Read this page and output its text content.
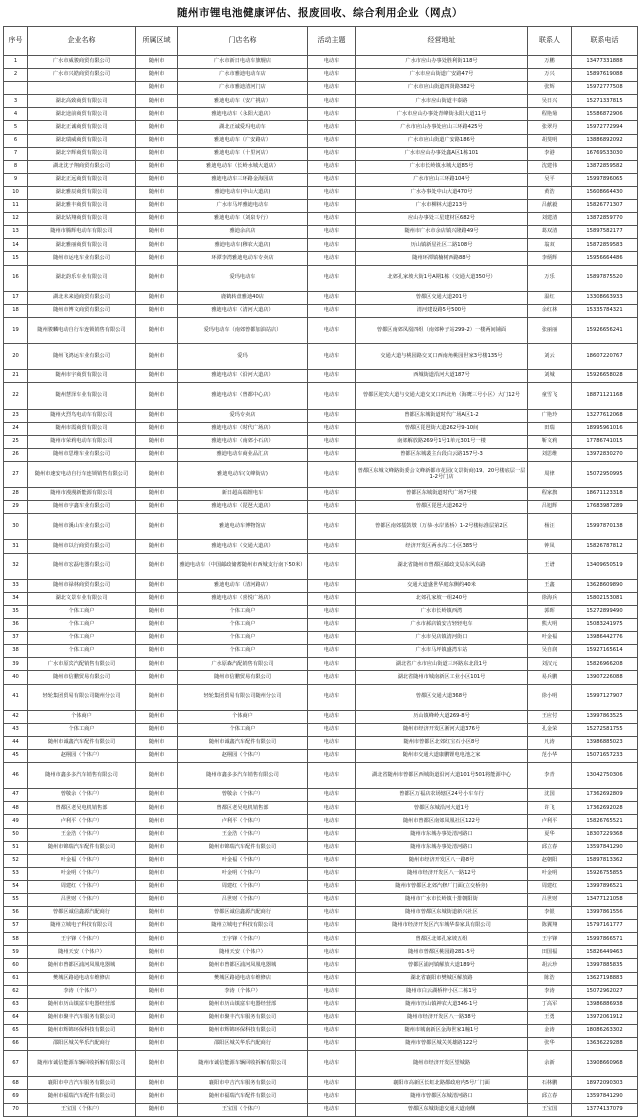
随州市锂电池健康评估、报废回收、综合利用企业（网点）
序号	企业名称	所属区域	门店名称	活动主题	经营地址	联系人	联系电话
1	广水市威骏商贸有限公司	随州市	广水市新日电动车旗舰店	电动车	广水市应山办事处胜利街118号	万鹏	13477331888
2	广水市兴皓商贸有限公司	随州市	广水市雅迪电动车店	电动车	广水市应山街道广安路47号	万兴	15897619088
		随州市	广水市雅迪清河门店	电动车	广水市应山街道四贤路382号	张辉	15972777508
3	湖北高致商贸有限公司	随州市	雅迪电动车（安广挑店）	电动车	广水市应山街道丰泰路	吴日兴	15271337815
4	湖北途前商贸有限公司	随州市	雅迪电动车（永阳大道店）	电动车	广水市应山办事处青峰街永阳大道11号	程艳菊	15586872906
5	湖北正诚商贸有限公司	随州市	湖北正诚爱玛电动车	电动车	广水市应山办事处应山三环路425号	张翠丹	15972772994
6	湖北瑞威商贸有限公司	随州市	雅迪电动车（广安路店）	电动车	广水市应山街道广安路186号	胡斐明	13886892092
7	湖北辛辉商贸有限公司	随州市	雅迪电动车（十里河店）	电动车	广水市应山办事处鑫A区1栋101	李港	16769533030
8	湖北沈子翔商贸有限公司	随州市	雅迪电动车（长岭水城大道店）	电动车	广水市长岭镇水城大道85号	沈建伟	13872859582
9	湖北正远商贸有限公司	随州市	雅迪电动车三环路金海园店	电动车	广水市应山三环路104号	吴平	15997896065
10	湖北雅辰商贸有限公司	随州市	雅迪电动车(中山大道店)	电动车	广水办事处中山大道470号	黄浩	15608664430
11	湖北雅丰商贸有限公司	随州市	广水市马坪雅迪电动车	电动车	广水市柳林大道213号	吕献毅	15826771307
12	湖北钻翔商贸有限公司	随州市	雅迪电动车（刘泉专行）	电动车	应山办事处三星建材区682号	刘建清	13872859770
13	随州市腾辉电动车有限公司	随州市	雅迪余店店	电动车	随州市广水市余店镇兴隆路49号	葛双清	15897582177
14	湖北雅丽商贸有限公司	随州市	雅迪电动车(穆农大道店)	电动车	历山镇新星社区二路108号	翁双	15872859583
15	随州市运电车业有限公司	随州市	环潭李湾雅迪电动车专卖店	电动车	随州环潭镇楠树西路88号	李炳辉	15956664486
16	湖北韵乐车业有限公司	随州市	爱玛电动车	电动车	北郊孔家坡大街1号A期1栋（交通大道350号）	万乐	15897875520
17	湖北未来通商贸有限公司	随州市	鹿鹤转盘雅迪40店	电动车	曾都区交通大道201号	温红	13308663933
18	随州市博文商贸有限公司	随州市	雅迪电动车（清河大道店）	电动车	清河建设路5号500号	余红林	15335784321
19	随州骏麟电动自行车连锁销售有限公司	随州市	爱玛电动车（南郊曾都加油站店）	电动车	曾都区南郊凤凰四组（南郊种子站299-2）一楼两间铺面	张丽丽	15926656241
20	随州飞鸿运车业有限公司	随州市	爱玛	电动车	交通大道与桃园路交叉口西南角桃园世家3号楼135号	刘云	18607220767
21	随州市宇商贸有限公司	随州市	雅迪电动车（沿河大道店）	电动车	西城街道沿河大道187号	刘城	15926658028
22	随州慧泽车业有限公司	随州市	雅迪电动车（曾都中心店）	电动车	曾都区迎宾大道与交通大道交叉口西北角（海鹰三号小区）大门12号	童雪飞	18871121168
23	随州火烈鸟电动车有限公司	随州市	爱玛专卖店	电动车	曾都区东城街道时代广场A区1-2	广艳玲	13277612068
24	随州市霞商贸有限公司	随州市	雅迪电动车（时代广场店）	电动车	曾都区琵琶街大道262号9-10间	田瑞	18995961016
25	随州市荣莉电动车有限公司	随州市	雅迪电动车（南郊小石店）	电动车	南郊解放路269号1号1单元301号一楼	靳文莉	17786741015
26	随州市思维车业有限公司	随州市	雅迪电动车商业品汇店	电动车	曾都区东城裴主台段白云路157号-3	刘思维	13972830270
27	随州市速安电动自行车连锁销售有限公司	随州市	雅迪电动车(文峰街店)	电动车	曾都区东城文峰路街委会文峰新都市花园(文景街商)19、20号楼底层一层1-2号门店	周律	15072950995
28	随州市漫漫新能源有限公司	随州市	新日超高端锂电车	电动车	曾都区东城街道时代广场7号楼	程家旗	18671123318
29	随州市宇鑫车业有限公司	随州市	雅迪电动车（琵琶大道店）	电动车	曾都区琵琶大道262号	吕旭辉	17683987289
30	随州市溪山车业有限公司	随州市	雅迪电动车博物馆店	电动车	曾都区南郊擂鼓墩（万恭·水岸蓝桥）1-2号楼标准层第2区	杨汪	15997870138
31	随州市以行商贸有限公司	随州市	雅迪电动车（交通大道店）	电动车	经济开发区两水沟二小区385号	钟凤	15826787812
32	随州市宏磊电器有限公司	随州市	雅迪电动车（中国邮政储蓄随州市西城支行南下50米）	电动车	湖北省随州市曾都区邮政支局东风东路	王谱	13409650519
33	随州市禄林商贸有限公司	随州市	雅迪电动车（清河路店）	电动车	交通大道盛世华庭东侧约40米	王鑫	13628609890
34	湖北文景车业有限公司	随州市	雅迪电动车（喜悦广场店）	电动车	北郊孔家坡一组240号	徐海兵	15802153081
35	个体工商户	随州市	个体工商户	电动车	广水市长岭镇西湾	郭晖	15272899490
36	个体工商户	随州市	个体工商户	电动车	广水市郝店镇安吉轻轻电车	熊大明	15083241975
37	个体工商户	随州市	个体工商户	电动车	广水市吴店镇清河街口	叶金福	13986442776
38	个体工商户	随州市	个体工商户	电动车	广水市马坪镇盛湾车站	吴自润	15927165614
39	广水市原宾汽配销售有限公司	随州市	广水原森汽配销售有限公司	电动车	湖北省广水市应山街道三环路东北段1号	刘汉元	15826966208
40	随州市信鹏贸易有限公司	随州市	随州市信鹏贸易有限公司	电动车	湖北省随州市城南新区工业小区101号	易兵鹏	13907226088
41	轻轮集团贸易有限公司随州分公司	随州市	轻轮集团贸易有限公司随州分公司	电动车	曾都区交通大道368号	徐小明	15997127907
42	个体商户	随州市	个体商户	电动车	历山镇峰岭大道269-8号	王应付	13997863525
43	个体工商户	随州市	个体工商户	电动车	随州市经济开发区淅河大道376号	孔金荣	15272581755
44	随州市诚鑫汽车配件有限公司	随州市	随州市诚鑫汽车配件有限公司	电动车	随州市曾都区北郊红宝石小区8号	凡涛	13986885023
45	赵栩园（个体户）	随州市	赵栩园（个体户）	电动车	随州市交通大道康鹏锂电电池之家	范小华	15071657233
46	随州市鑫多多汽车销售有限公司	随州市	随州市鑫多多汽车销售有限公司	电动车	湖北省随州市曾都区西城街道沿河大道101号501将能源中心	李青	13042750306
47	曾敬余（个体户）	随州市	曾敬余（个体户）	电动车	曾都区万福店农场辖区24号小车车行	沈国	17362692809
48	曾都区老吴电机销售部	随州市	曾都区老吴电机销售部	电动车	曾都区东城沿河大道1号	许飞	17362692028
49	卢利平（个体户）	随州市	卢利平（个体户）	电动车	随州市曾都区南郊凤凰社区122号	卢利平	15826765521
50	王金浩（个体户）	随州市	王金浩（个体户）	电动车	随州市东城办事处清河路口	夏华	18307229368
51	随州市锦瑞汽车配件有限公司	随州市	随州市锦瑞汽车配件有限公司	电动车	随州市东城办事处清河路口	邱立春	13597841290
52	叶金福（个体户）	随州市	叶金福（个体户）	电动车	随州市经济开发区八一路8号	赵朝阳	15897813362
53	叶金明（个体户）	随州市	叶金明（个体户）	电动车	随州市经济开发区八一路12号	叶金明	15926755855
54	周建红（个体户）	随州市	周建红（个体户）	电动车	随州市曾都区北郊汽修厂门面(立交桥旁)	周建红	13997896521
55	吕世财（个体户）	随州市	吕世财（个体户）	电动车	随州市广水市长岭镇十排朝阳街	吕世财	13477121058
56	曾都区诚信鑫源汽配商行	随州市	曾都区诚信鑫源汽配商行	电动车	随州市曾都区东城街道新兴社区	李银	13997861556
57	随州立城电子科技有限公司	随州市	随州立城电子科技有限公司	电动车	随州市经济开发区汽车城华泰家具有限公司	陈翼翔	15797161777
58	王宇锋（个体户）	随州市	王宇锋（个体户）	电动车	曾都区北郊孔家坡五组	王宇锋	15997866571
59	随州天安（个体户）	随州市	随州天安（个体户）	电动车	随州市曾都区桃园路281-5号	田国福	15826449463
60	随州市曾都区浦河凤凰电器城	随州市	随州市曾都区浦河凤凰电器城	电动车	曾都区浦河镇解放大道189号	胡云珍	13997885835
61	樊城区路通电动车维修店	随州市	樊城区路通电动车维修店	电动车	湖北省襄阳市樊城区解放路	陈浩	13627198883
62	李涛（个体户）	随州市	李涛（个体户）	电动车	随州市白云湖桥梓小区二栋1号	李涛	15072962027
63	随州市历山镇富车电器经营部	随州市	随州市历山镇富车电器经营部	电动车	随州市历山镇神农大道346-1号	丁高军	13986886938
64	随州市聚丰汽车服务有限公司	随州市	随州市聚丰汽车服务有限公司	电动车	随州市经济开发区八一路38号	王勇	13972061912
65	随州市辉锦环保科技有限公司	随州市	随州市辉锦环保科技有限公司	电动车	随州市城南新区金海世家1幢1号	金涛	18086263302
66	邵阳区城关华乐汽配商行	随州市	邵阳区城关华乐汽配商行	电动车	随州市曾都区城关英雄路122号	张华	13636229288
67	随州市诚信能源车辆回收拆解有限公司	随州市	随州市诚信能源车辆回收拆解有限公司	电动车	随州市经济开发区望城路	余新	13908660968
68	襄阳市中吉汽车服务有限公司	随州市	襄阳市中吉汽车服务有限公司	电动车	襄阳市高新区长虹北路都政府内5号厂门面	石林鹏	18972090303
69	随州市福瑞汽车配件有限公司	随州市	随州市福瑞汽车配件有限公司	电动车	随州市曾都区东城清河路口	邱立春	13597841290
70	王宝国（个体户）	随州市	王宝国（个体户）	电动车	曾都区东城街道交通大道南侧	王宝国	13774137079
